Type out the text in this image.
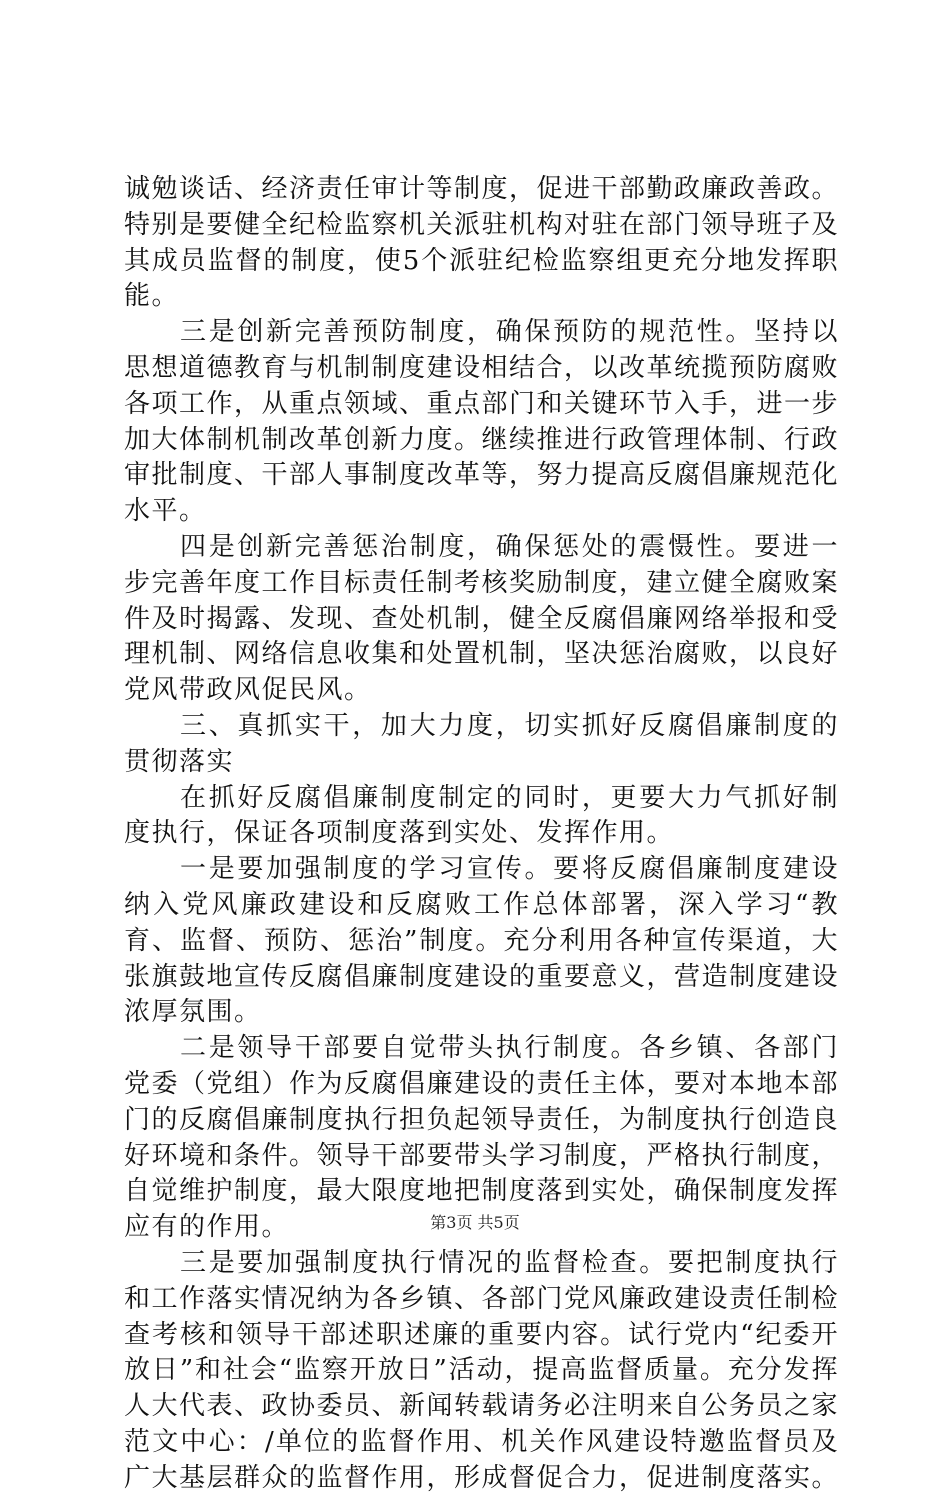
诚勉谈话、经济责任审计等制度，促进干部勤政廉政善政。特别是要健全纪检监察机关派驻机构对驻在部门领导班子及其成员监督的制度，使5个派驻纪检监察组更充分地发挥职能。

三是创新完善预防制度，确保预防的规范性。坚持以思想道德教育与机制制度建设相结合，以改革统揽预防腐败各项工作，从重点领域、重点部门和关键环节入手，进一步加大体制机制改革创新力度。继续推进行政管理体制、行政审批制度、干部人事制度改革等，努力提高反腐倡廉规范化水平。

四是创新完善惩治制度，确保惩处的震慑性。要进一步完善年度工作目标责任制考核奖励制度，建立健全腐败案件及时揭露、发现、查处机制，健全反腐倡廉网络举报和受理机制、网络信息收集和处置机制，坚决惩治腐败，以良好党风带政风促民风。

三、真抓实干，加大力度，切实抓好反腐倡廉制度的贯彻落实

在抓好反腐倡廉制度制定的同时，更要大力气抓好制度执行，保证各项制度落到实处、发挥作用。

一是要加强制度的学习宣传。要将反腐倡廉制度建设纳入党风廉政建设和反腐败工作总体部署，深入学习“教育、监督、预防、惩治”制度。充分利用各种宣传渠道，大张旗鼓地宣传反腐倡廉制度建设的重要意义，营造制度建设浓厚氛围。

二是领导干部要自觉带头执行制度。各乡镇、各部门党委（党组）作为反腐倡廉建设的责任主体，要对本地本部门的反腐倡廉制度执行担负起领导责任，为制度执行创造良好环境和条件。领导干部要带头学习制度，严格执行制度，自觉维护制度，最大限度地把制度落到实处，确保制度发挥应有的作用。

三是要加强制度执行情况的监督检查。要把制度执行和工作落实情况纳为各乡镇、各部门党风廉政建设责任制检查考核和领导干部述职述廉的重要内容。试行党内“纪委开放日”和社会“监察开放日”活动，提高监督质量。充分发挥人大代表、政协委员、新闻转载请务必注明来自公务员之家范文中心：/单位的监督作用、机关作风建设特邀监督员及广大基层群众的监督作用，形成督促合力，促进制度落实。

第3页 共5页
